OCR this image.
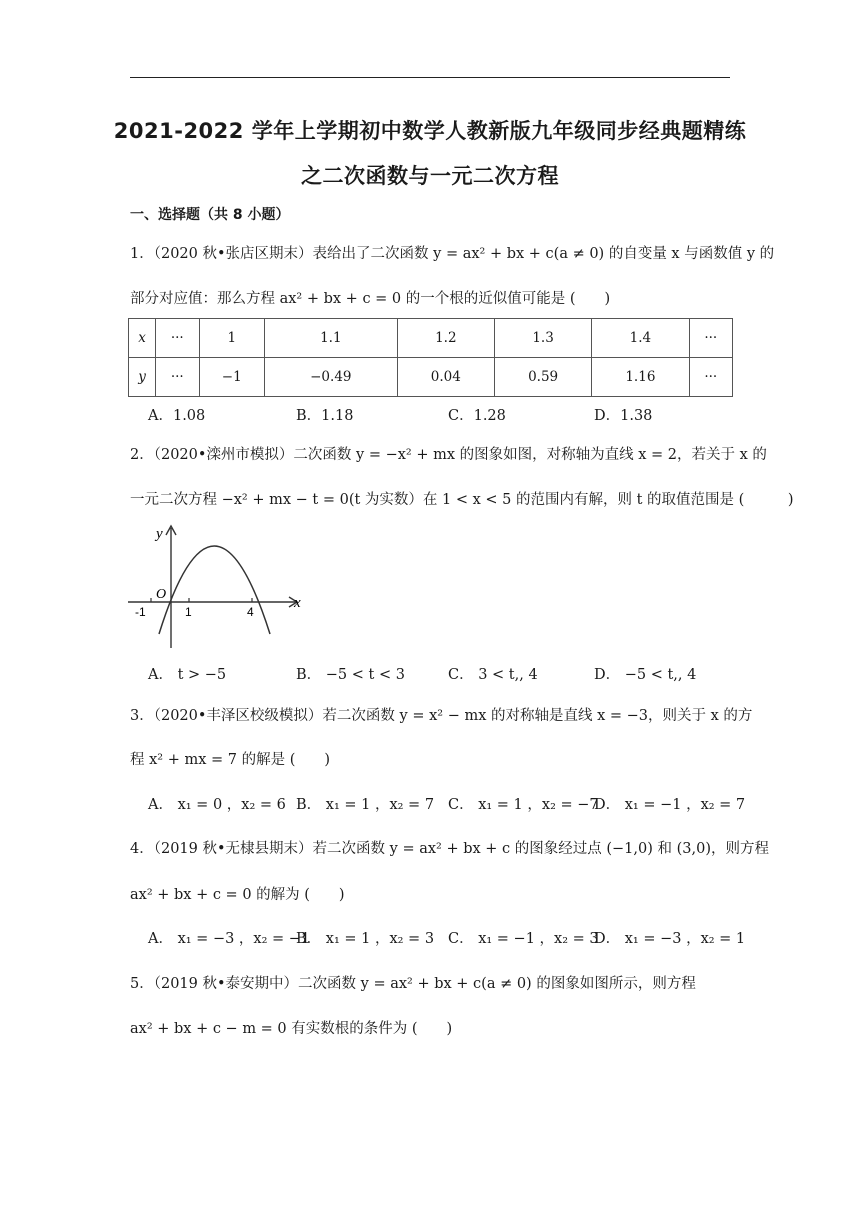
2021-2022 学年上学期初中数学人教新版九年级同步经典题精练
之二次函数与一元二次方程
一、选择题（共 8 小题）
1．（2020 秋•张店区期末）表给出了二次函数 y = ax² + bx + c(a ≠ 0) 的自变量 x 与函数值 y 的
部分对应值：那么方程 ax² + bx + c = 0 的一个根的近似值可能是 (　　)
x	···	1	1.1	1.2	1.3	1.4	···
y	···	−1	−0.49	0.04	0.59	1.16	···
A．1.08	B．1.18	C．1.28	D．1.38
2．（2020•滦州市模拟）二次函数 y = −x² + mx 的图象如图，对称轴为直线 x = 2，若关于 x 的
一元二次方程 −x² + mx − t = 0(t 为实数）在 1 < x < 5 的范围内有解，则 t 的取值范围是 (　　　)
y
x
O
-1	1	4
A． t > −5	B． −5 < t < 3	C． 3 < t,, 4	D． −5 < t,, 4
3．（2020•丰泽区校级模拟）若二次函数 y = x² − mx 的对称轴是直线 x = −3，则关于 x 的方
程 x² + mx = 7 的解是 (　　)
A． x₁ = 0 ，x₂ = 6 B． x₁ = 1 ，x₂ = 7 C． x₁ = 1 ，x₂ = −7
D． x₁ = −1 ，x₂ = 7
4．（2019 秋•无棣县期末）若二次函数 y = ax² + bx + c 的图象经过点 (−1,0) 和 (3,0)，则方程
ax² + bx + c = 0 的解为 (　　)
A． x₁ = −3 ，x₂ = −1
B． x₁ = 1 ，x₂ = 3 C． x₁ = −1 ，x₂ = 3
D． x₁ = −3 ，x₂ = 1
5．（2019 秋•泰安期中）二次函数 y = ax² + bx + c(a ≠ 0) 的图象如图所示，则方程
ax² + bx + c − m = 0 有实数根的条件为 (　　)
